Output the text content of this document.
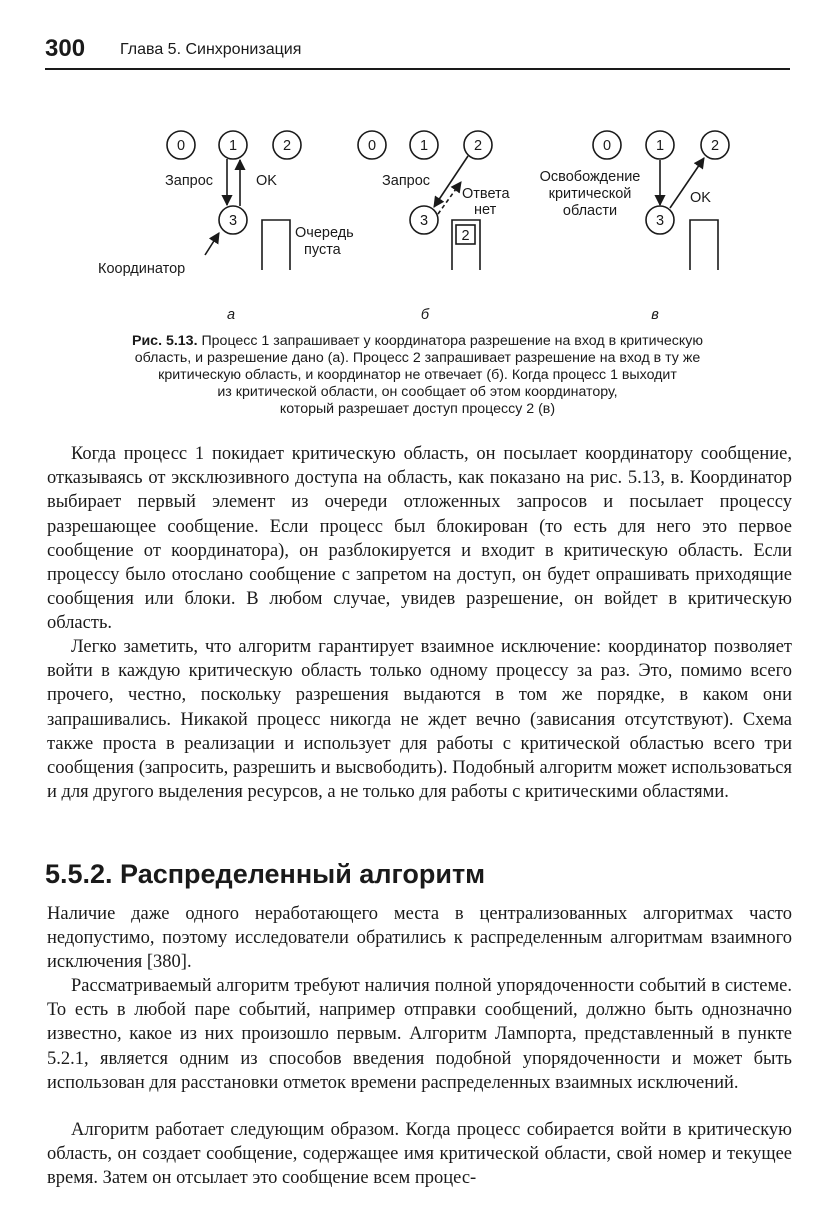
300 Глава 5. Синхронизация
0	1	2
3
Запрос	OK
Очередь
пуста
Координатор
а
0	1	2
3
Запрос
Ответа
нет
2
б
0	1	2
3
Освобождение
критической
области
OK
в
Рис. 5.13. Процесс 1 запрашивает у координатора разрешение на вход в критическую
область, и разрешение дано (а). Процесс 2 запрашивает разрешение на вход в ту же
критическую область, и координатор не отвечает (б). Когда процесс 1 выходит
из критической области, он сообщает об этом координатору,
который разрешает доступ процессу 2 (в)

Когда процесс 1 покидает критическую область, он посылает координатору сообщение, отказываясь от эксклюзивного доступа на область, как показано на рис. 5.13, в. Координатор выбирает первый элемент из очереди отложенных запросов и посылает процессу разрешающее сообщение. Если процесс был блокирован (то есть для него это первое сообщение от координатора), он разблокируется и входит в критическую область. Если процессу было отослано сообщение с запретом на доступ, он будет опрашивать приходящие сообщения или блоки. В любом случае, увидев разрешение, он войдет в критическую область.

Легко заметить, что алгоритм гарантирует взаимное исключение: координатор позволяет войти в каждую критическую область только одному процессу за раз. Это, помимо всего прочего, честно, поскольку разрешения выдаются в том же порядке, в каком они запрашивались. Никакой процесс никогда не ждет вечно (зависания отсутствуют). Схема также проста в реализации и использует для работы с критической областью всего три сообщения (запросить, разрешить и высвободить). Подобный алгоритм может использоваться и для другого выделения ресурсов, а не только для работы с критическими областями.

5.5.2. Распределенный алгоритм

Наличие даже одного неработающего места в централизованных алгоритмах часто недопустимо, поэтому исследователи обратились к распределенным алгоритмам взаимного исключения [380].

Рассматриваемый алгоритм требуют наличия полной упорядоченности событий в системе. То есть в любой паре событий, например отправки сообщений, должно быть однозначно известно, какое из них произошло первым. Алгоритм Лампорта, представленный в пункте 5.2.1, является одним из способов введения подобной упорядоченности и может быть использован для расстановки отметок времени распределенных взаимных исключений.

Алгоритм работает следующим образом. Когда процесс собирается войти в критическую область, он создает сообщение, содержащее имя критической области, свой номер и текущее время. Затем он отсылает это сообщение всем процес-
